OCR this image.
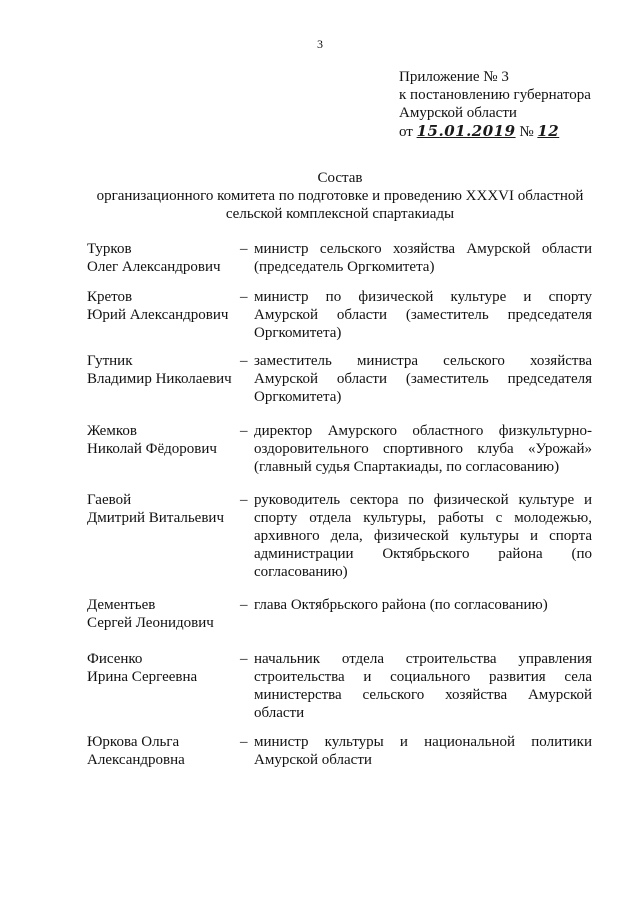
3
Приложение № 3
к постановлению губернатора
Амурской области
от 15.01.2019 № 12
Состав
организационного комитета по подготовке и проведению XXXVI областной
сельской комплексной спартакиады
Турков
Олег Александрович
– министр сельского хозяйства Амурской области (председатель Оргкомитета)
Кретов
Юрий Александрович
– министр по физической культуре и спорту Амурской области (заместитель председателя Оргкомитета)
Гутник
Владимир Николаевич
– заместитель министра сельского хозяйства Амурской области (заместитель председателя Оргкомитета)
Жемков
Николай Фёдорович
– директор Амурского областного физкультурно-оздоровительного спортивного клуба «Урожай» (главный судья Спартакиады, по согласованию)
Гаевой
Дмитрий Витальевич
– руководитель сектора по физической культуре и спорту отдела культуры, работы с молодежью, архивного дела, физической культуры и спорта администрации Октябрьского района (по согласованию)
Дементьев
Сергей Леонидович
– глава Октябрьского района (по согласованию)
Фисенко
Ирина Сергеевна
– начальник отдела строительства управления строительства и социального развития села министерства сельского хозяйства Амурской области
Юркова Ольга
Александровна
– министр культуры и национальной политики Амурской области
